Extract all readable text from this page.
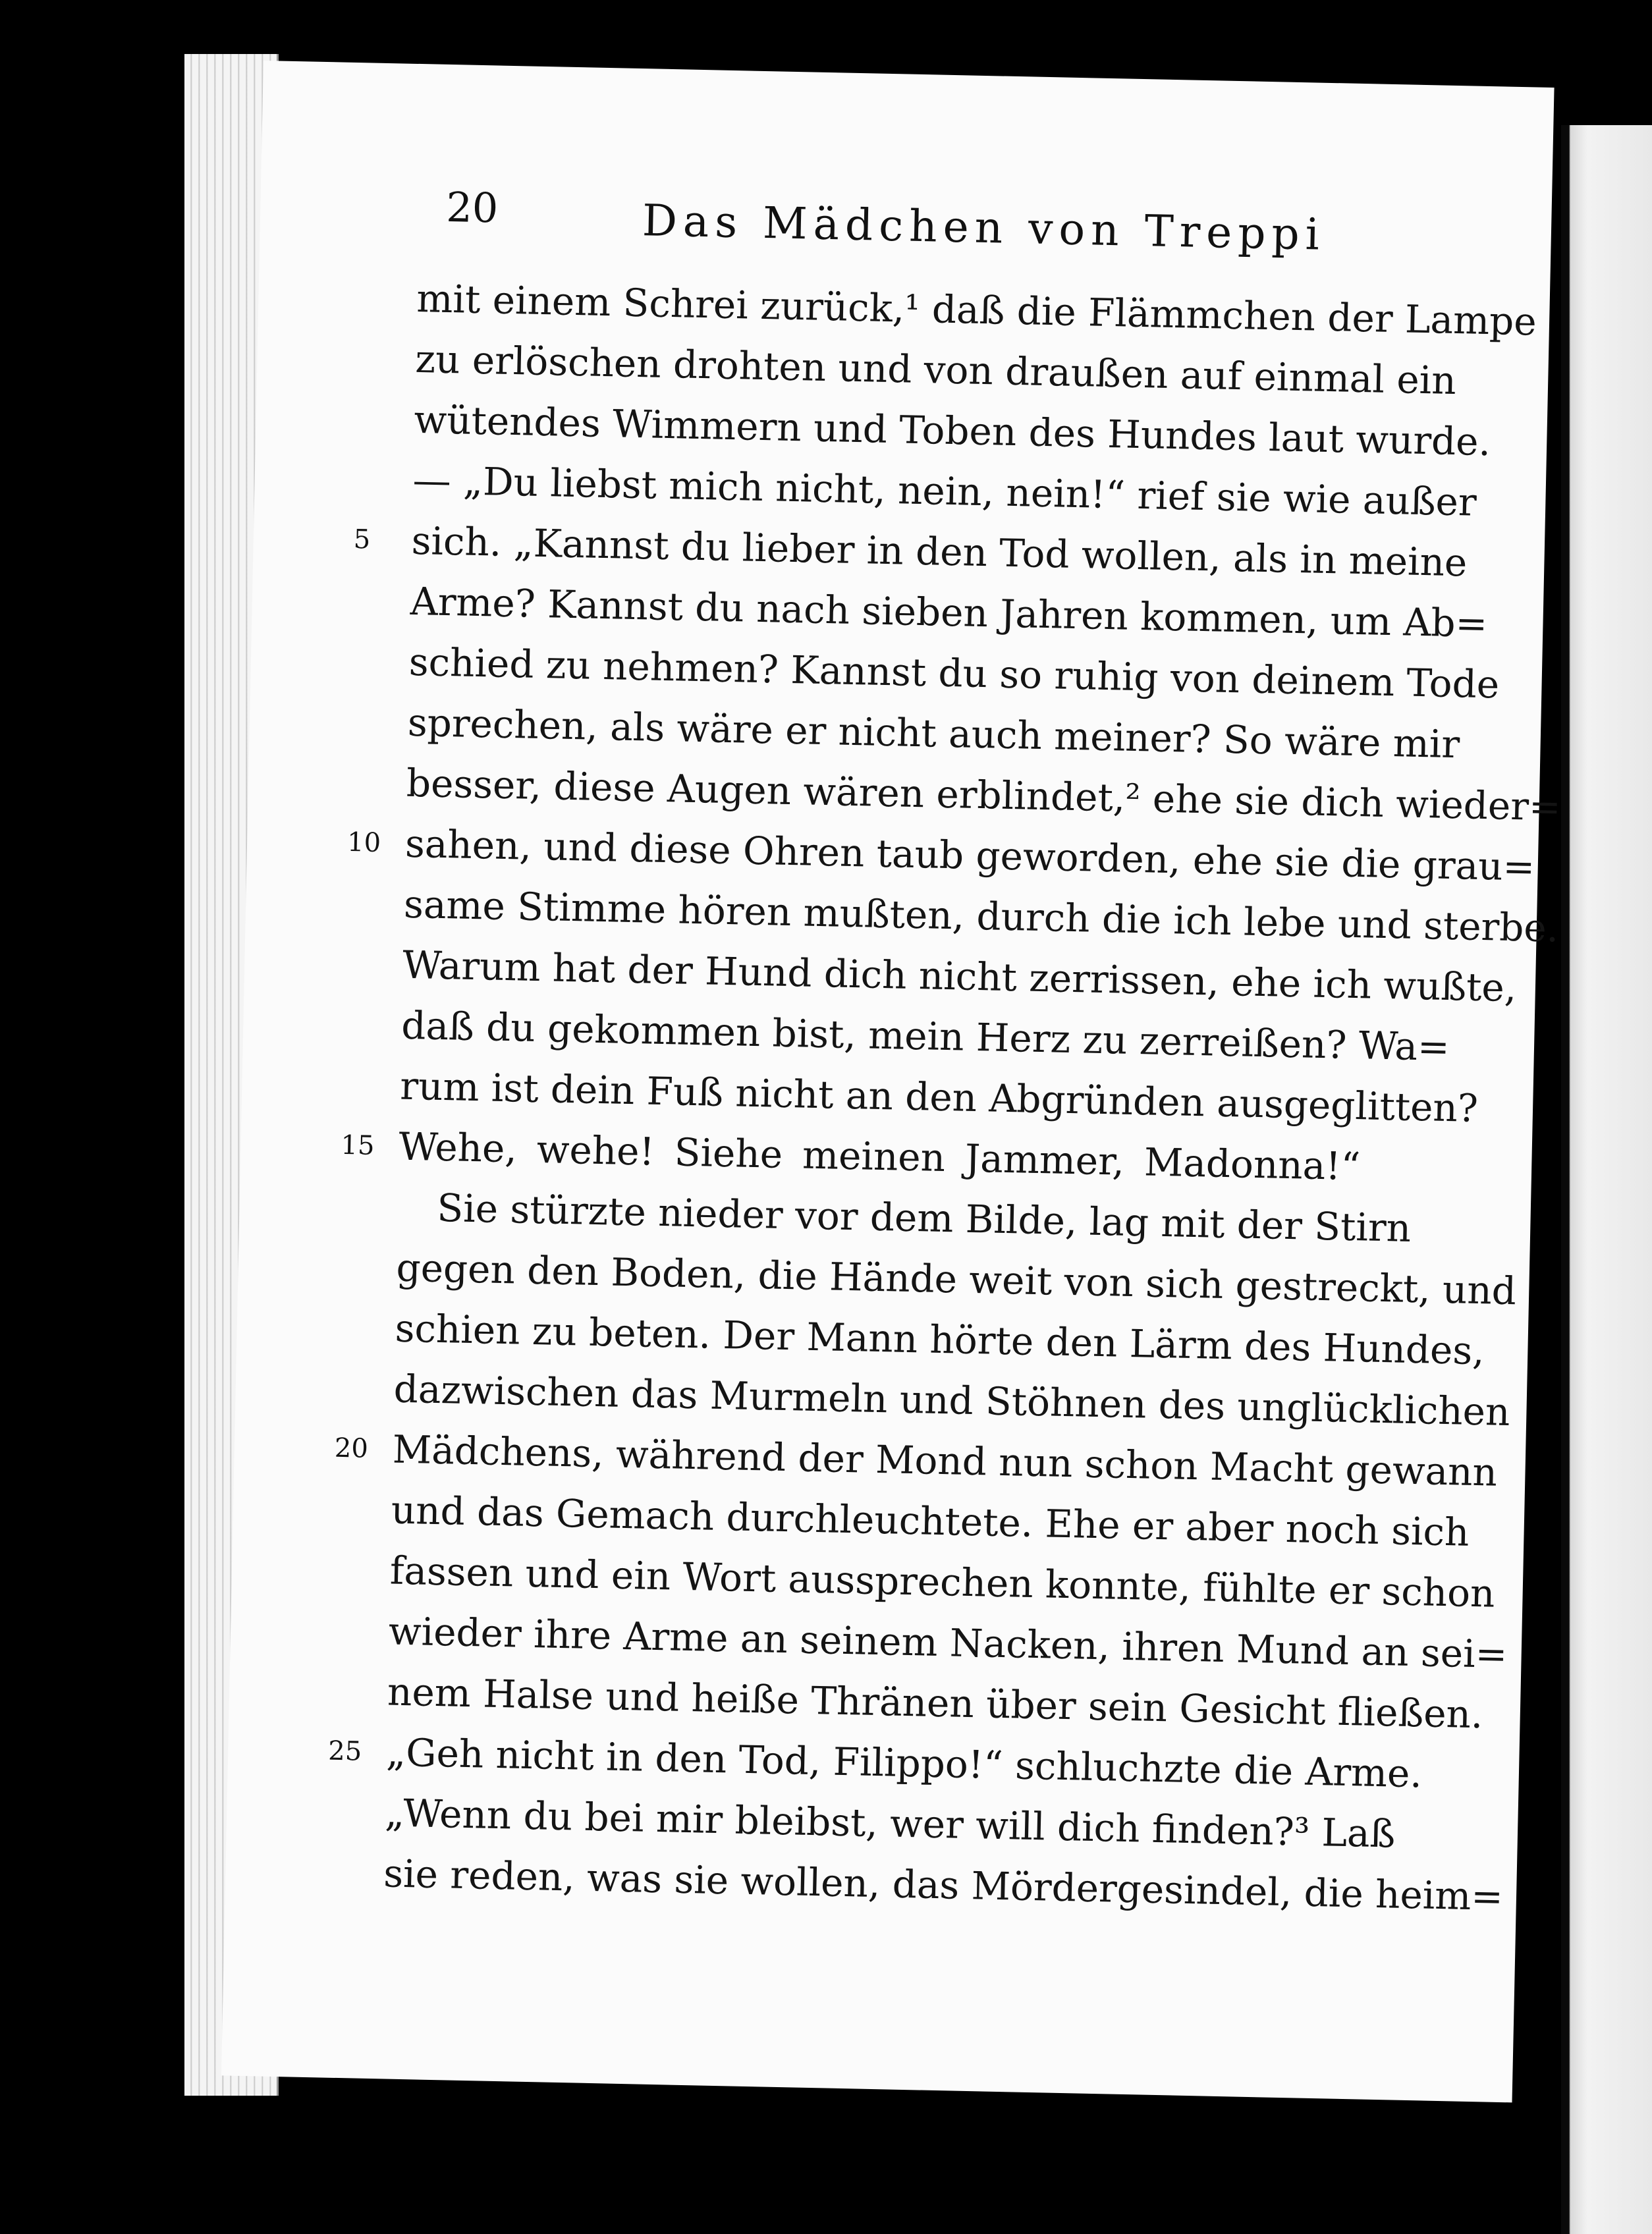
20	Das Mädchen von Treppi
mit einem Schrei zurück,¹ daß die Flämmchen der Lampe
zu erlöschen drohten und von draußen auf einmal ein
wütendes Wimmern und Toben des Hundes laut wurde.
— „Du liebst mich nicht, nein, nein!“ rief sie wie außer
5 sich. „Kannst du lieber in den Tod wollen, als in meine
Arme? Kannst du nach sieben Jahren kommen, um Ab=
schied zu nehmen? Kannst du so ruhig von deinem Tode
sprechen, als wäre er nicht auch meiner? So wäre mir
besser, diese Augen wären erblindet,² ehe sie dich wieder=
10 sahen, und diese Ohren taub geworden, ehe sie die grau=
same Stimme hören mußten, durch die ich lebe und sterbe.
Warum hat der Hund dich nicht zerrissen, ehe ich wußte,
daß du gekommen bist, mein Herz zu zerreißen? Wa=
rum ist dein Fuß nicht an den Abgründen ausgeglitten?
15 Wehe, wehe! Siehe meinen Jammer, Madonna!“
Sie stürzte nieder vor dem Bilde, lag mit der Stirn
gegen den Boden, die Hände weit von sich gestreckt, und
schien zu beten. Der Mann hörte den Lärm des Hundes,
dazwischen das Murmeln und Stöhnen des unglücklichen
20 Mädchens, während der Mond nun schon Macht gewann
und das Gemach durchleuchtete. Ehe er aber noch sich
fassen und ein Wort aussprechen konnte, fühlte er schon
wieder ihre Arme an seinem Nacken, ihren Mund an sei=
nem Halse und heiße Thränen über sein Gesicht fließen.
25 „Geh nicht in den Tod, Filippo!“ schluchzte die Arme.
„Wenn du bei mir bleibst, wer will dich finden?³ Laß
sie reden, was sie wollen, das Mördergesindel, die heim=
